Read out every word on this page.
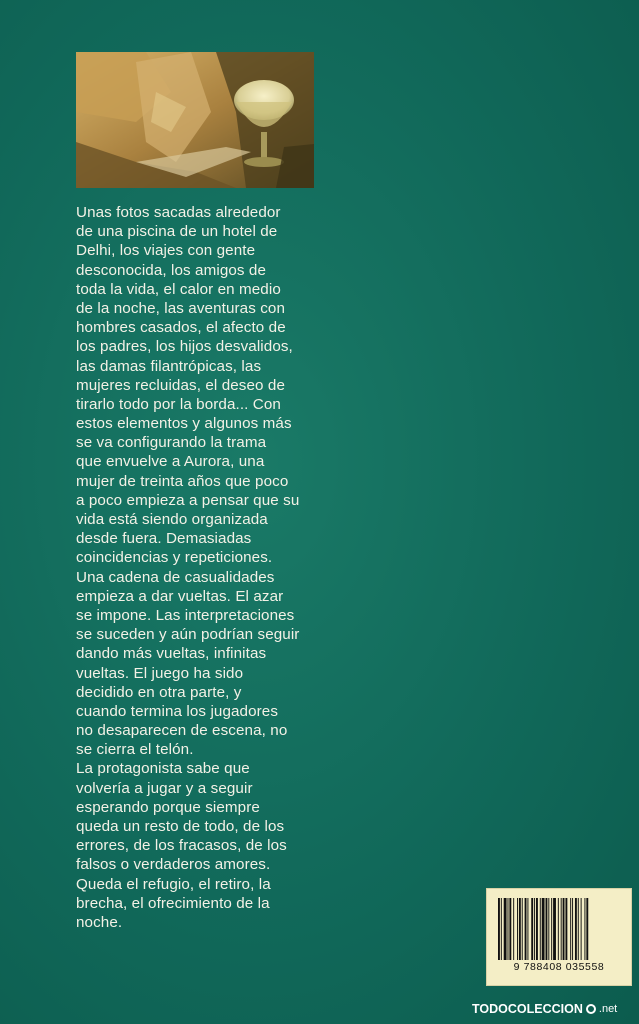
Unas fotos sacadas alrededor
de una piscina de un hotel de
Delhi, los viajes con gente
desconocida, los amigos de
toda la vida, el calor en medio
de la noche, las aventuras con
hombres casados, el afecto de
los padres, los hijos desvalidos,
las damas filantrópicas, las
mujeres recluidas, el deseo de
tirarlo todo por la borda... Con
estos elementos y algunos más
se va configurando la trama
que envuelve a Aurora, una
mujer de treinta años que poco
a poco empieza a pensar que su
vida está siendo organizada
desde fuera. Demasiadas
coincidencias y repeticiones.
Una cadena de casualidades
empieza a dar vueltas. El azar
se impone. Las interpretaciones
se suceden y aún podrían seguir
dando más vueltas, infinitas
vueltas. El juego ha sido
decidido en otra parte, y
cuando termina los jugadores
no desaparecen de escena, no
se cierra el telón.
La protagonista sabe que
volvería a jugar y a seguir
esperando porque siempre
queda un resto de todo, de los
errores, de los fracasos, de los
falsos o verdaderos amores.
Queda el refugio, el retiro, la
brecha, el ofrecimiento de la
noche.
9 788408 035558
TODOCOLECCION .net
